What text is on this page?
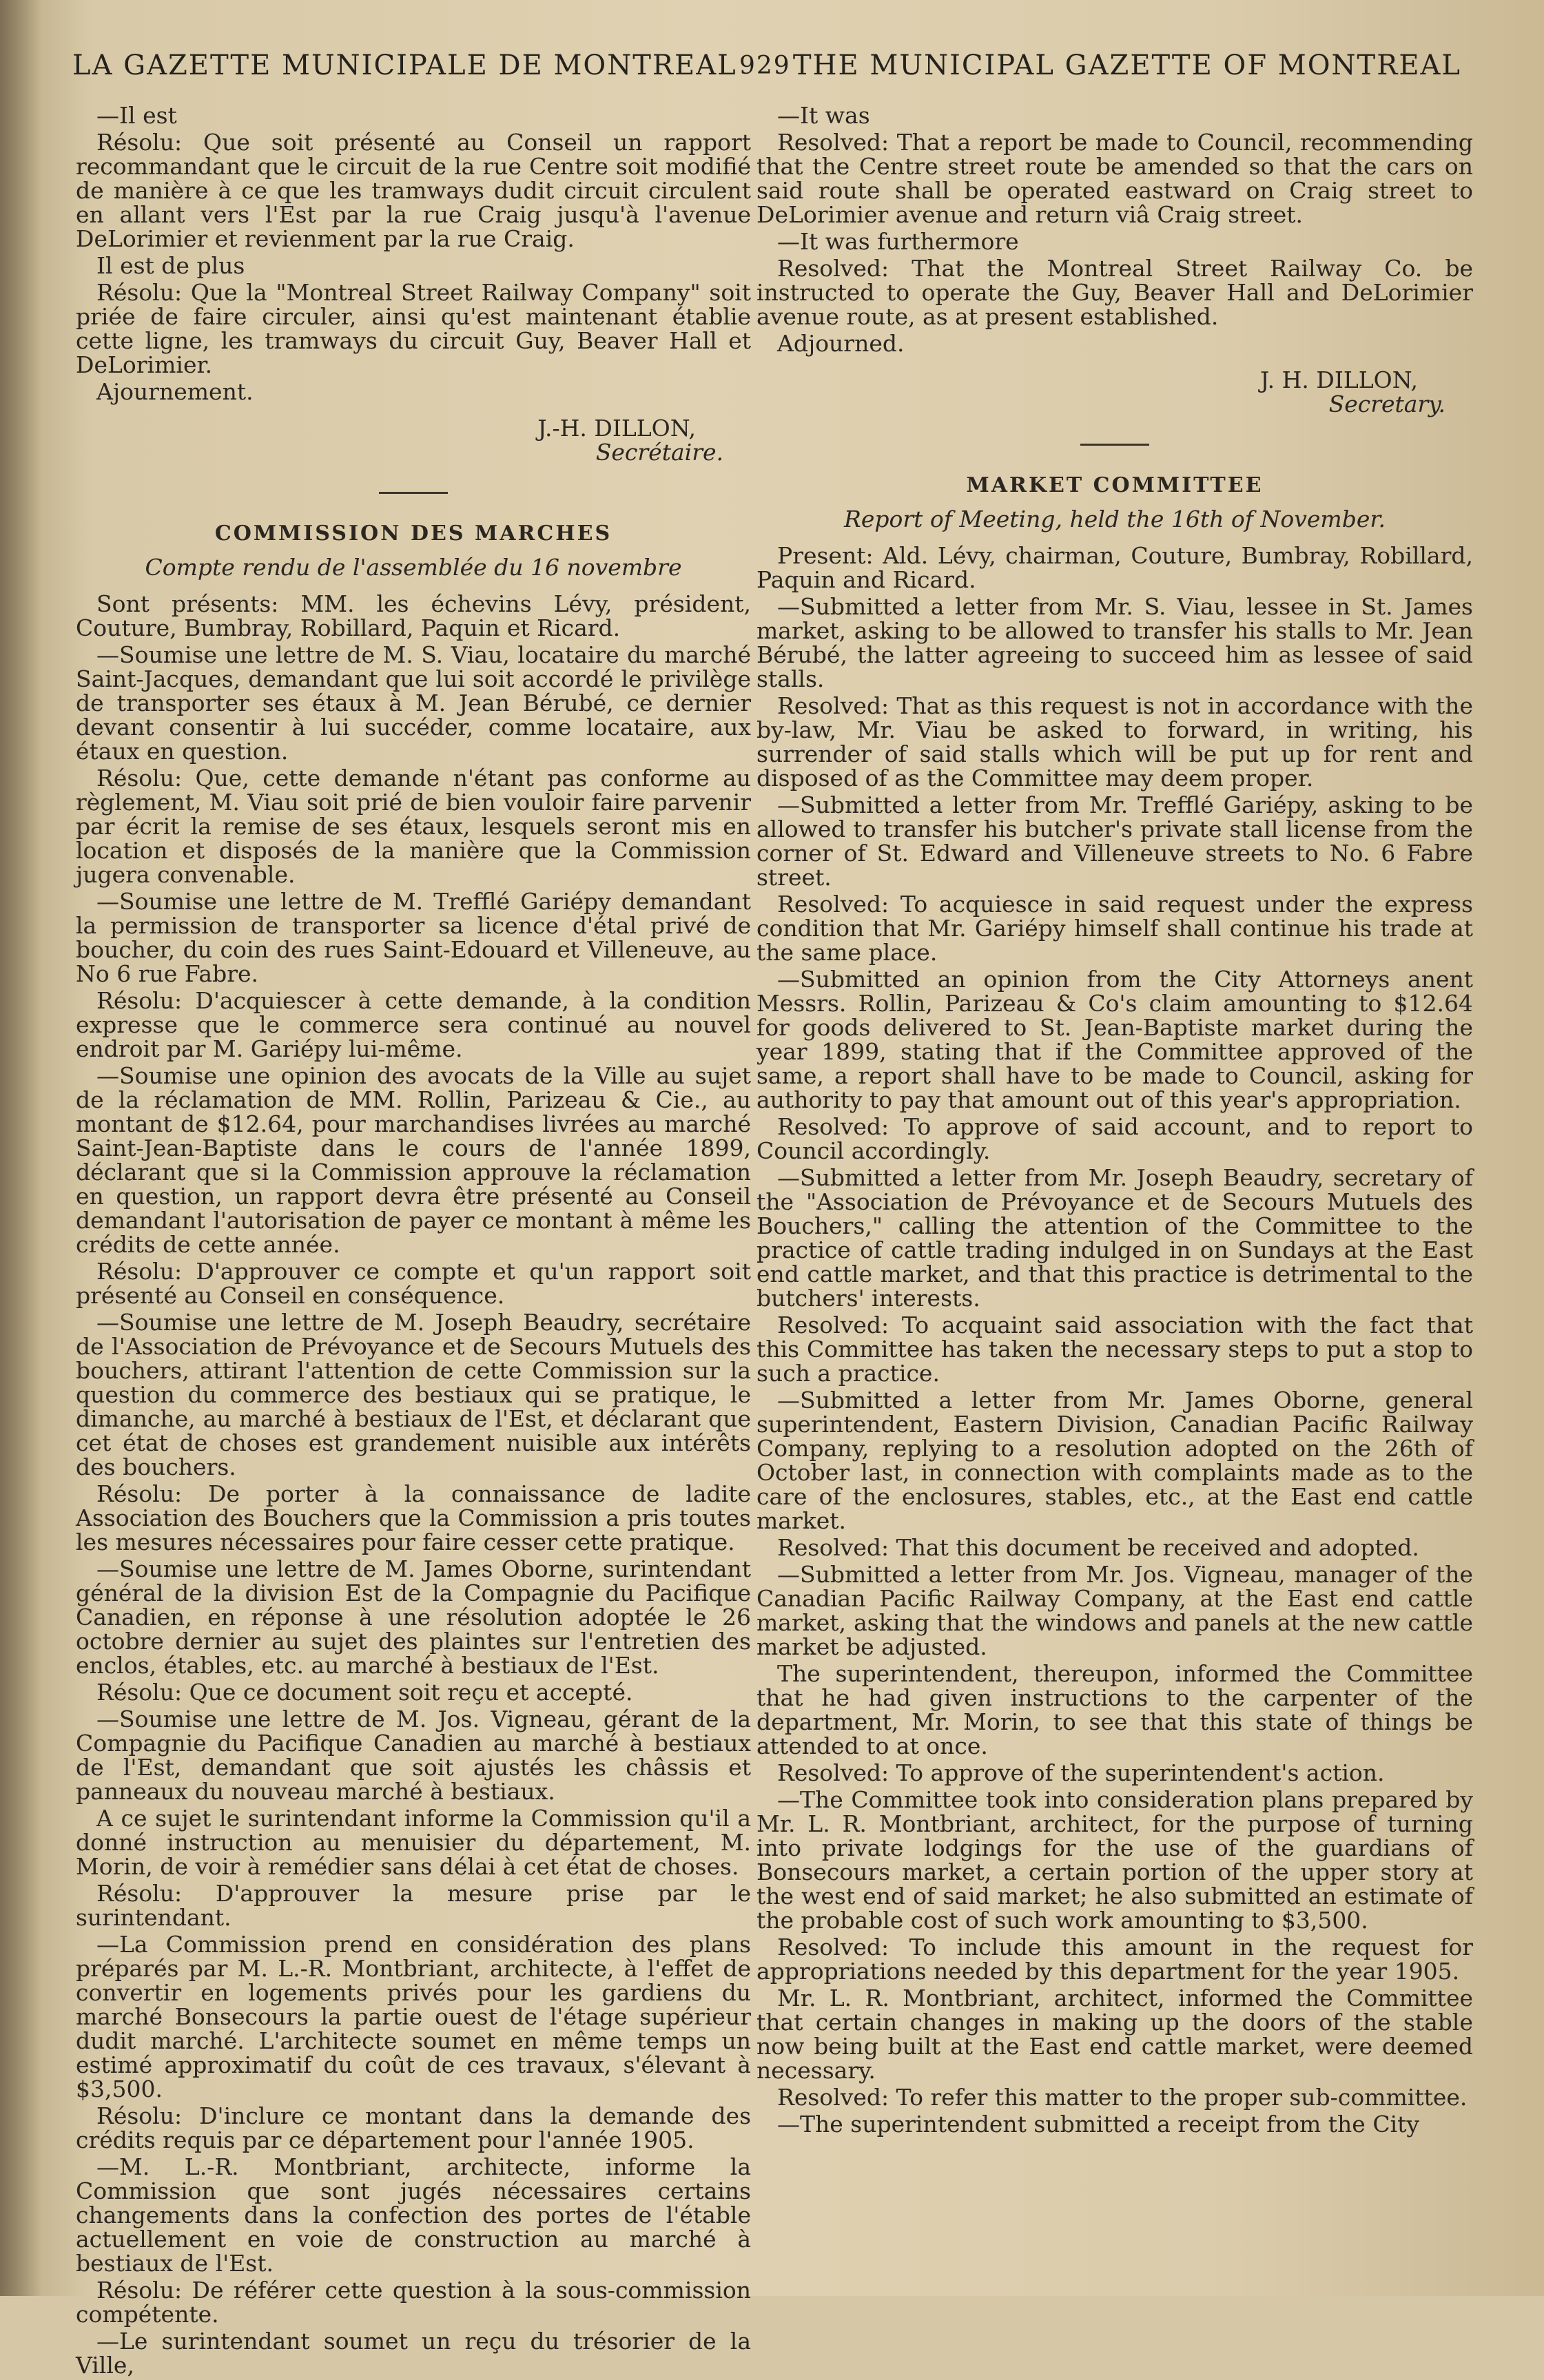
LA GAZETTE MUNICIPALE DE MONTREAL 929 THE MUNICIPAL GAZETTE OF MONTREAL

—Il est

Résolu: Que soit présenté au Conseil un rapport recommandant que le circuit de la rue Centre soit modifié de manière à ce que les tramways dudit circuit circulent en allant vers l'Est par la rue Craig jusqu'à l'avenue DeLorimier et revienment par la rue Craig.

Il est de plus

Résolu: Que la "Montreal Street Railway Company" soit priée de faire circuler, ainsi qu'est maintenant établie cette ligne, les tramways du circuit Guy, Beaver Hall et DeLorimier.

Ajournement.

J.-H. DILLON,
Secrétaire.
COMMISSION DES MARCHES
Compte rendu de l'assemblée du 16 novembre

Sont présents: MM. les échevins Lévy, président, Couture, Bumbray, Robillard, Paquin et Ricard.

—Soumise une lettre de M. S. Viau, locataire du marché Saint-Jacques, demandant que lui soit accordé le privilège de transporter ses étaux à M. Jean Bérubé, ce dernier devant consentir à lui succéder, comme locataire, aux étaux en question.

Résolu: Que, cette demande n'étant pas conforme au règlement, M. Viau soit prié de bien vouloir faire parvenir par écrit la remise de ses étaux, lesquels seront mis en location et disposés de la manière que la Commission jugera convenable.

—Soumise une lettre de M. Trefflé Gariépy demandant la permission de transporter sa licence d'étal privé de boucher, du coin des rues Saint-Edouard et Villeneuve, au No 6 rue Fabre.

Résolu: D'acquiescer à cette demande, à la condition expresse que le commerce sera continué au nouvel endroit par M. Gariépy lui-même.

—Soumise une opinion des avocats de la Ville au sujet de la réclamation de MM. Rollin, Parizeau & Cie., au montant de $12.64, pour marchandises livrées au marché Saint-Jean-Baptiste dans le cours de l'année 1899, déclarant que si la Commission approuve la réclamation en question, un rapport devra être présenté au Conseil demandant l'autorisation de payer ce montant à même les crédits de cette année.

Résolu: D'approuver ce compte et qu'un rapport soit présenté au Conseil en conséquence.

—Soumise une lettre de M. Joseph Beaudry, secrétaire de l'Association de Prévoyance et de Secours Mutuels des bouchers, attirant l'attention de cette Commission sur la question du commerce des bestiaux qui se pratique, le dimanche, au marché à bestiaux de l'Est, et déclarant que cet état de choses est grandement nuisible aux intérêts des bouchers.

Résolu: De porter à la connaissance de ladite Association des Bouchers que la Commission a pris toutes les mesures nécessaires pour faire cesser cette pratique.

—Soumise une lettre de M. James Oborne, surintendant général de la division Est de la Compagnie du Pacifique Canadien, en réponse à une résolution adoptée le 26 octobre dernier au sujet des plaintes sur l'entretien des enclos, étables, etc. au marché à bestiaux de l'Est.

Résolu: Que ce document soit reçu et accepté.

—Soumise une lettre de M. Jos. Vigneau, gérant de la Compagnie du Pacifique Canadien au marché à bestiaux de l'Est, demandant que soit ajustés les châssis et panneaux du nouveau marché à bestiaux.

A ce sujet le surintendant informe la Commission qu'il a donné instruction au menuisier du département, M. Morin, de voir à remédier sans délai à cet état de choses.

Résolu: D'approuver la mesure prise par le surintendant.

—La Commission prend en considération des plans préparés par M. L.-R. Montbriant, architecte, à l'effet de convertir en logements privés pour les gardiens du marché Bonsecours la partie ouest de l'étage supérieur dudit marché. L'architecte soumet en même temps un estimé approximatif du coût de ces travaux, s'élevant à $3,500.

Résolu: D'inclure ce montant dans la demande des crédits requis par ce département pour l'année 1905.

—M. L.-R. Montbriant, architecte, informe la Commission que sont jugés nécessaires certains changements dans la confection des portes de l'étable actuellement en voie de construction au marché à bestiaux de l'Est.

Résolu: De référer cette question à la sous-commission compétente.

—Le surintendant soumet un reçu du trésorier de la Ville,

—It was

Resolved: That a report be made to Council, recommending that the Centre street route be amended so that the cars on said route shall be operated eastward on Craig street to DeLorimier avenue and return viâ Craig street.

—It was furthermore

Resolved: That the Montreal Street Railway Co. be instructed to operate the Guy, Beaver Hall and DeLorimier avenue route, as at present established.

Adjourned.

J. H. DILLON,
Secretary.
MARKET COMMITTEE
Report of Meeting, held the 16th of November.

Present: Ald. Lévy, chairman, Couture, Bumbray, Robillard, Paquin and Ricard.

—Submitted a letter from Mr. S. Viau, lessee in St. James market, asking to be allowed to transfer his stalls to Mr. Jean Bérubé, the latter agreeing to succeed him as lessee of said stalls.

Resolved: That as this request is not in accordance with the by-law, Mr. Viau be asked to forward, in writing, his surrender of said stalls which will be put up for rent and disposed of as the Committee may deem proper.

—Submitted a letter from Mr. Trefflé Gariépy, asking to be allowed to transfer his butcher's private stall license from the corner of St. Edward and Villeneuve streets to No. 6 Fabre street.

Resolved: To acquiesce in said request under the express condition that Mr. Gariépy himself shall continue his trade at the same place.

—Submitted an opinion from the City Attorneys anent Messrs. Rollin, Parizeau & Co's claim amounting to $12.64 for goods delivered to St. Jean-Baptiste market during the year 1899, stating that if the Committee approved of the same, a report shall have to be made to Council, asking for authority to pay that amount out of this year's appropriation.

Resolved: To approve of said account, and to report to Council accordingly.

—Submitted a letter from Mr. Joseph Beaudry, secretary of the "Association de Prévoyance et de Secours Mutuels des Bouchers," calling the attention of the Committee to the practice of cattle trading indulged in on Sundays at the East end cattle market, and that this practice is detrimental to the butchers' interests.

Resolved: To acquaint said association with the fact that this Committee has taken the necessary steps to put a stop to such a practice.

—Submitted a letter from Mr. James Oborne, general superintendent, Eastern Division, Canadian Pacific Railway Company, replying to a resolution adopted on the 26th of October last, in connection with complaints made as to the care of the enclosures, stables, etc., at the East end cattle market.

Resolved: That this document be received and adopted.

—Submitted a letter from Mr. Jos. Vigneau, manager of the Canadian Pacific Railway Company, at the East end cattle market, asking that the windows and panels at the new cattle market be adjusted.

The superintendent, thereupon, informed the Committee that he had given instructions to the carpenter of the department, Mr. Morin, to see that this state of things be attended to at once.

Resolved: To approve of the superintendent's action.

—The Committee took into consideration plans prepared by Mr. L. R. Montbriant, architect, for the purpose of turning into private lodgings for the use of the guardians of Bonsecours market, a certain portion of the upper story at the west end of said market; he also submitted an estimate of the probable cost of such work amounting to $3,500.

Resolved: To include this amount in the request for appropriations needed by this department for the year 1905.

Mr. L. R. Montbriant, architect, informed the Committee that certain changes in making up the doors of the stable now being built at the East end cattle market, were deemed necessary.

Resolved: To refer this matter to the proper sub-committee.

—The superintendent submitted a receipt from the City
